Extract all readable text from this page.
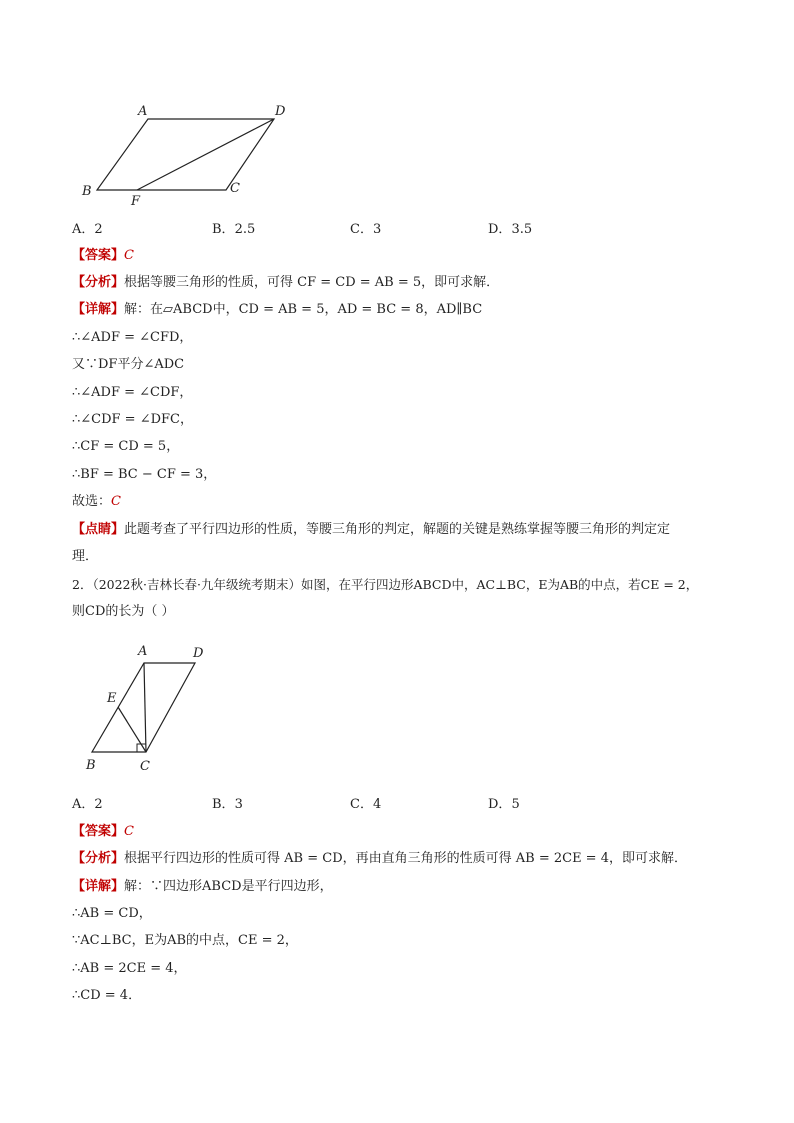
A	D
B	C
F
A．2	B．2.5	C．3	D．3.5
【答案】C
【分析】根据等腰三角形的性质，可得 CF = CD = AB = 5，即可求解．
【详解】解：在▱ABCD中，CD = AB = 5，AD = BC = 8，AD∥BC
∴∠ADF = ∠CFD，
又∵DF平分∠ADC
∴∠ADF = ∠CDF，
∴∠CDF = ∠DFC，
∴CF = CD = 5，
∴BF = BC − CF = 3，
故选：C
【点睛】此题考查了平行四边形的性质，等腰三角形的判定，解题的关键是熟练掌握等腰三角形的判定定
理．
2．（2022秋·吉林长春·九年级统考期末）如图，在平行四边形ABCD中，AC⊥BC，E为AB的中点，若CE = 2，
则CD的长为（ ）
A	D
E
B	C
A．2	B．3	C．4	D．5
【答案】C
【分析】根据平行四边形的性质可得 AB = CD，再由直角三角形的性质可得 AB = 2CE = 4，即可求解．
【详解】解：∵四边形ABCD是平行四边形，
∴AB = CD，
∵AC⊥BC，E为AB的中点，CE = 2，
∴AB = 2CE = 4，
∴CD = 4．
